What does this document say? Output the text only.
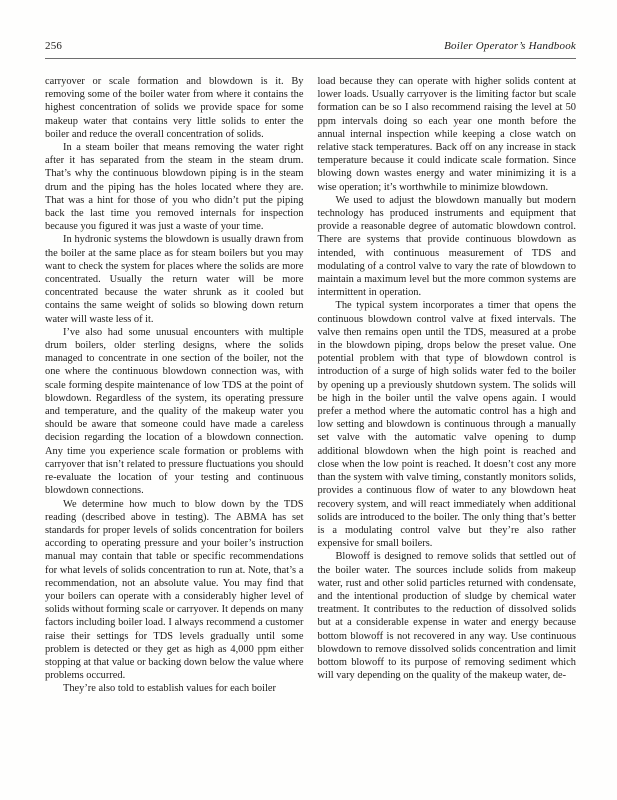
256	Boiler Operator’s Handbook

carryover or scale formation and blowdown is it. By removing some of the boiler water from where it contains the highest concentration of solids we provide space for some makeup water that contains very little solids to enter the boiler and reduce the overall concentration of solids.

In a steam boiler that means removing the water right after it has separated from the steam in the steam drum. That’s why the continuous blowdown piping is in the steam drum and the piping has the holes located where they are. That was a hint for those of you who didn’t put the piping back the last time you removed internals for inspection because you figured it was just a waste of your time.

In hydronic systems the blowdown is usually drawn from the boiler at the same place as for steam boilers but you may want to check the system for places where the solids are more concentrated. Usually the return water will be more concentrated because the water shrunk as it cooled but contains the same weight of solids so blowing down return water will waste less of it.

I’ve also had some unusual encounters with multiple drum boilers, older sterling designs, where the solids managed to concentrate in one section of the boiler, not the one where the continuous blowdown connection was, with scale forming despite maintenance of low TDS at the point of blowdown. Regardless of the system, its operating pressure and temperature, and the quality of the makeup water you should be aware that someone could have made a careless decision regarding the location of a blowdown connection. Any time you experience scale formation or problems with carryover that isn’t related to pressure fluctuations you should re-evaluate the location of your testing and continuous blowdown connections.

We determine how much to blow down by the TDS reading (described above in testing). The ABMA has set standards for proper levels of solids concentration for boilers according to operating pressure and your boiler’s instruction manual may contain that table or specific recommendations for what levels of solids concentration to run at. Note, that’s a recommendation, not an absolute value. You may find that your boilers can operate with a considerably higher level of solids without forming scale or carryover. It depends on many factors including boiler load. I always recommend a customer raise their settings for TDS levels gradually until some problem is detected or they get as high as 4,000 ppm either stopping at that value or backing down below the value where problems occurred.

They’re also told to establish values for each boiler

load because they can operate with higher solids content at lower loads. Usually carryover is the limiting factor but scale formation can be so I also recommend raising the level at 50 ppm intervals doing so each year one month before the annual internal inspection while keeping a close watch on relative stack temperatures. Back off on any increase in stack temperature because it could indicate scale formation. Since blowing down wastes energy and water minimizing it is a wise operation; it’s worthwhile to minimize blowdown.

We used to adjust the blowdown manually but modern technology has produced instruments and equipment that provide a reasonable degree of automatic blowdown control. There are systems that provide continuous blowdown as intended, with continuous measurement of TDS and modulating of a control valve to vary the rate of blowdown to maintain a maximum level but the more common systems are intermittent in operation.

The typical system incorporates a timer that opens the continuous blowdown control valve at fixed intervals. The valve then remains open until the TDS, measured at a probe in the blowdown piping, drops below the preset value. One potential problem with that type of blowdown control is introduction of a surge of high solids water fed to the boiler by opening up a previously shutdown system. The solids will be high in the boiler until the valve opens again. I would prefer a method where the automatic control has a high and low setting and blowdown is continuous through a manually set valve with the automatic valve opening to dump additional blowdown when the high point is reached and close when the low point is reached. It doesn’t cost any more than the system with valve timing, constantly monitors solids, provides a continuous flow of water to any blowdown heat recovery system, and will react immediately when additional solids are introduced to the boiler. The only thing that’s better is a modulating control valve but they’re also rather expensive for small boilers.

Blowoff is designed to remove solids that settled out of the boiler water. The sources include solids from makeup water, rust and other solid particles returned with condensate, and the intentional production of sludge by chemical water treatment. It contributes to the reduction of dissolved solids but at a considerable expense in water and energy because bottom blowoff is not recovered in any way. Use continuous blowdown to remove dissolved solids concentration and limit bottom blowoff to its purpose of removing sediment which will vary depending on the quality of the makeup water, de-
